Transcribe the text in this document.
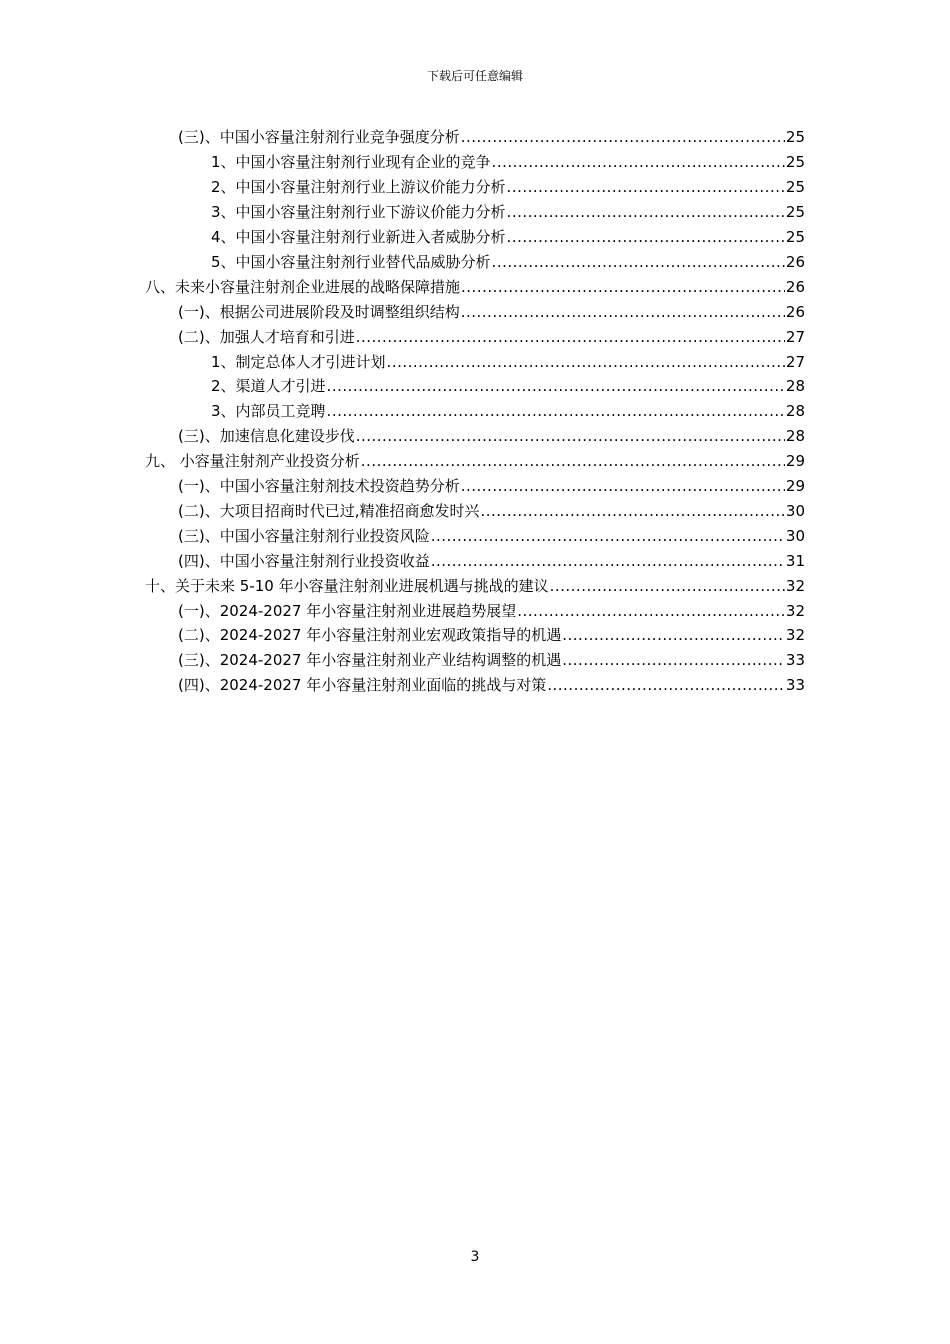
下载后可任意编辑
(三)、中国小容量注射剂行业竞争强度分析 .....	25
1、中国小容量注射剂行业现有企业的竞争 .....	25
2、中国小容量注射剂行业上游议价能力分析 .....	25
3、中国小容量注射剂行业下游议价能力分析 .....	25
4、中国小容量注射剂行业新进入者威胁分析 .....	25
5、中国小容量注射剂行业替代品威胁分析 .....	26
八、未来小容量注射剂企业进展的战略保障措施 .....	26
(一)、根据公司进展阶段及时调整组织结构 .....	26
(二)、加强人才培育和引进 .....	27
1、制定总体人才引进计划 .....	27
2、渠道人才引进 .....	28
3、内部员工竞聘 .....	28
(三)、加速信息化建设步伐 .....	28
九、 小容量注射剂产业投资分析 .....	29
(一)、中国小容量注射剂技术投资趋势分析 .....	29
(二)、大项目招商时代已过,精准招商愈发时兴 .....	30
(三)、中国小容量注射剂行业投资风险 .....	30
(四)、中国小容量注射剂行业投资收益 .....	31
十、关于未来 5-10 年小容量注射剂业进展机遇与挑战的建议 .....	32
(一)、2024-2027 年小容量注射剂业进展趋势展望 .....	32
(二)、2024-2027 年小容量注射剂业宏观政策指导的机遇 .....	32
(三)、2024-2027 年小容量注射剂业产业结构调整的机遇 .....	33
(四)、2024-2027 年小容量注射剂业面临的挑战与对策 .....	33
3
